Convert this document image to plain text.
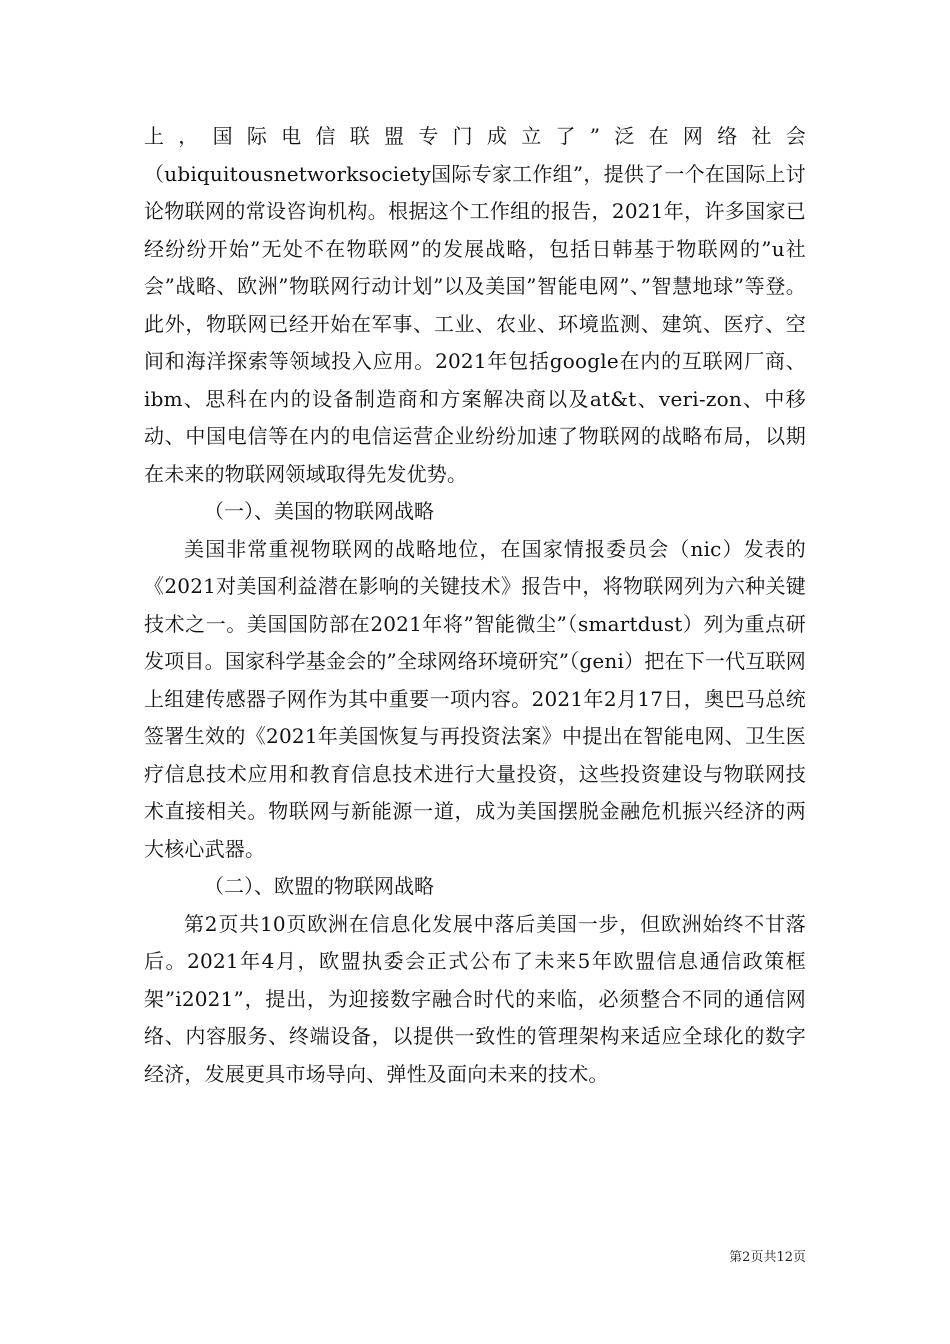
上，国际电信联盟专门成立了”泛在网络社会（ubiquitousnetworksociety国际专家工作组”，提供了一个在国际上讨论物联网的常设咨询机构。根据这个工作组的报告，2021年，许多国家已经纷纷开始”无处不在物联网”的发展战略，包括日韩基于物联网的”u社会”战略、欧洲”物联网行动计划”以及美国”智能电网”、”智慧地球”等登。此外，物联网已经开始在军事、工业、农业、环境监测、建筑、医疗、空间和海洋探索等领域投入应用。2021年包括google在内的互联网厂商、ibm、思科在内的设备制造商和方案解决商以及at&t、veri-zon、中移动、中国电信等在内的电信运营企业纷纷加速了物联网的战略布局，以期在未来的物联网领域取得先发优势。

（一）、美国的物联网战略

美国非常重视物联网的战略地位，在国家情报委员会（nic）发表的《2021对美国利益潜在影响的关键技术》报告中，将物联网列为六种关键技术之一。美国国防部在2021年将”智能微尘”（smartdust）列为重点研发项目。国家科学基金会的”全球网络环境研究”（geni）把在下一代互联网上组建传感器子网作为其中重要一项内容。2021年2月17日，奥巴马总统签署生效的《2021年美国恢复与再投资法案》中提出在智能电网、卫生医疗信息技术应用和教育信息技术进行大量投资，这些投资建设与物联网技术直接相关。物联网与新能源一道，成为美国摆脱金融危机振兴经济的两大核心武器。

（二）、欧盟的物联网战略

第2页共10页欧洲在信息化发展中落后美国一步，但欧洲始终不甘落后。2021年4月，欧盟执委会正式公布了未来5年欧盟信息通信政策框架”i2021”，提出，为迎接数字融合时代的来临，必须整合不同的通信网络、内容服务、终端设备，以提供一致性的管理架构来适应全球化的数字经济，发展更具市场导向、弹性及面向未来的技术。

第2页共12页
